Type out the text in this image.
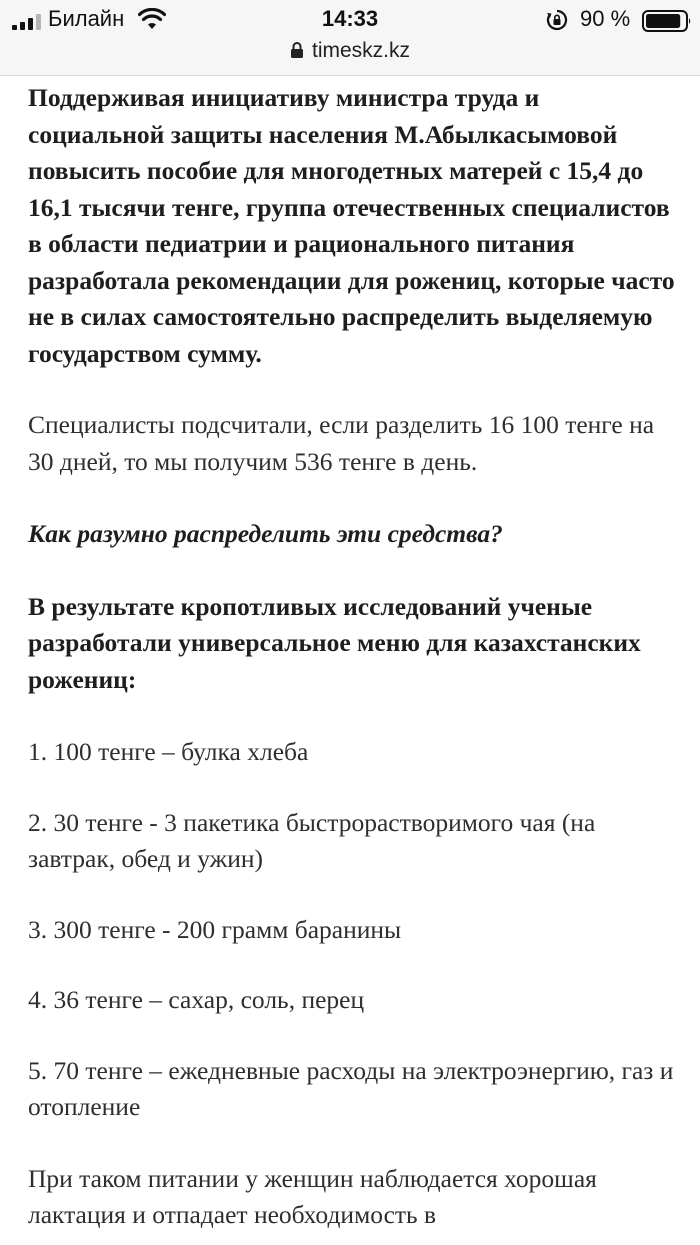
Билайн	14:33	90 %
timeskz.kz

Поддерживая инициативу министра труда и социальной защиты населения М.Абылкасымовой повысить пособие для многодетных матерей с 15,4 до 16,1 тысячи тенге, группа отечественных специалистов в области педиатрии и рационального питания разработала рекомендации для рожениц, которые часто не в силах самостоятельно распределить выделяемую государством сумму.

Специалисты подсчитали, если разделить 16 100 тенге на 30 дней, то мы получим 536 тенге в день.

Как разумно распределить эти средства?

В результате кропотливых исследований ученые разработали универсальное меню для казахстанских рожениц:

1. 100 тенге – булка хлеба

2. 30 тенге - 3 пакетика быстрорастворимого чая (на завтрак, обед и ужин)

3. 300 тенге - 200 грамм баранины

4. 36 тенге – сахар, соль, перец

5. 70 тенге – ежедневные расходы на электроэнергию, газ и отопление

При таком питании у женщин наблюдается хорошая лактация и отпадает необходимость в
